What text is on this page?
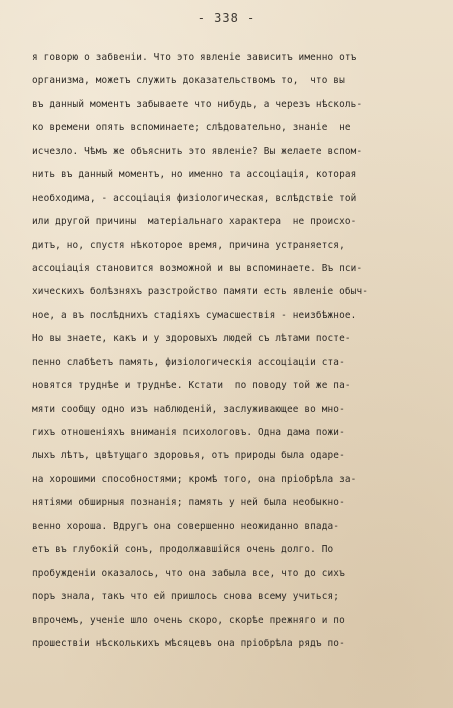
- 338 -
я говорю о забвеніи. Что это явленіе зависитъ именно отъ
организма, можетъ служить доказательствомъ то,  что вы
въ данный моментъ забываете что нибудь, а черезъ нѣсколь-
ко времени опять вспоминаете; слѣдовательно, знаніе  не
исчезло. Чѣмъ же объяснить это явленіе? Вы желаете вспом-
нить въ данный моментъ, но именно та ассоціація, которая
необходима, - ассоціація физіологическая, вслѣдствіе той
или другой причины  матеріальнаго характера  не происхо-
дитъ, но, спустя нѣкоторое время, причина устраняется,
ассоціація становится возможной и вы вспоминаете. Въ пси-
хическихъ болѣзняхъ разстройство памяти есть явленіе обыч-
ное, а въ послѣднихъ стадіяхъ сумасшествія - неизбѣжное.
Но вы знаете, какъ и у здоровыхъ людей съ лѣтами посте-
пенно слабѣетъ память, физіологическія ассоціаціи ста-
новятся труднѣе и труднѣе. Кстати  по поводу той же па-
мяти сообщу одно изъ наблюденій, заслуживающее во мно-
гихъ отношеніяхъ вниманія психологовъ. Одна дама пожи-
лыхъ лѣтъ, цвѣтущаго здоровья, отъ природы была одаре-
на хорошими способностями; кромѣ того, она пріобрѣла за-
нятіями обширныя познанія; память у ней была необыкно-
венно хороша. Вдругъ она совершенно неожиданно впада-
етъ въ глубокій сонъ, продолжавшійся очень долго. По
пробужденіи оказалось, что она забыла все, что до сихъ
поръ знала, такъ что ей пришлось снова всему учиться;
впрочемъ, ученіе шло очень скоро, скорѣе прежняго и по
прошествіи нѣсколькихъ мѣсяцевъ она пріобрѣла рядъ по-
